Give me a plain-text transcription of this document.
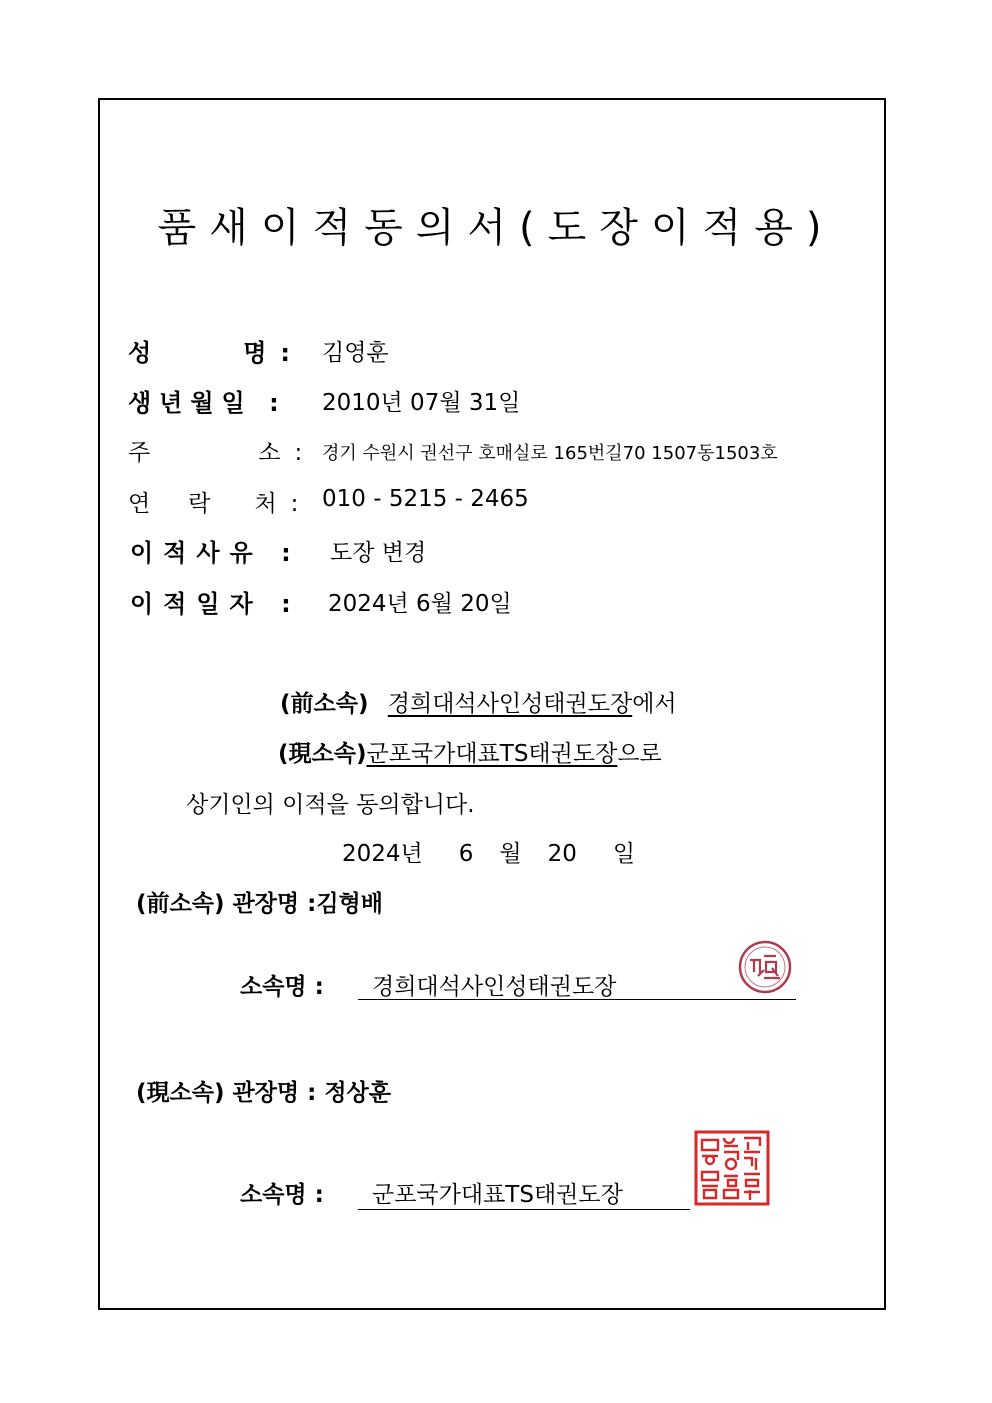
품새이적동의서(도장이적용)
성	명 : 김영훈
생년월일 : 2010년 07월 31일
주	소 : 경기 수원시 권선구 호매실로 165번길70 1507동1503호
연 락 처 : 010 - 5215 - 2465
이적사유 : 도장 변경
이적일자 : 2024년 6월 20일
(前소속) 경희대석사인성태권도장에서
(現소속)군포국가대표TS태권도장으로
상기인의 이적을 동의합니다.
2024년 6 월 20 일
(前소속) 관장명 :김형배
소속명 : 경희대석사인성태권도장
(現소속) 관장명 : 정상훈
소속명 : 군포국가대표TS태권도장
